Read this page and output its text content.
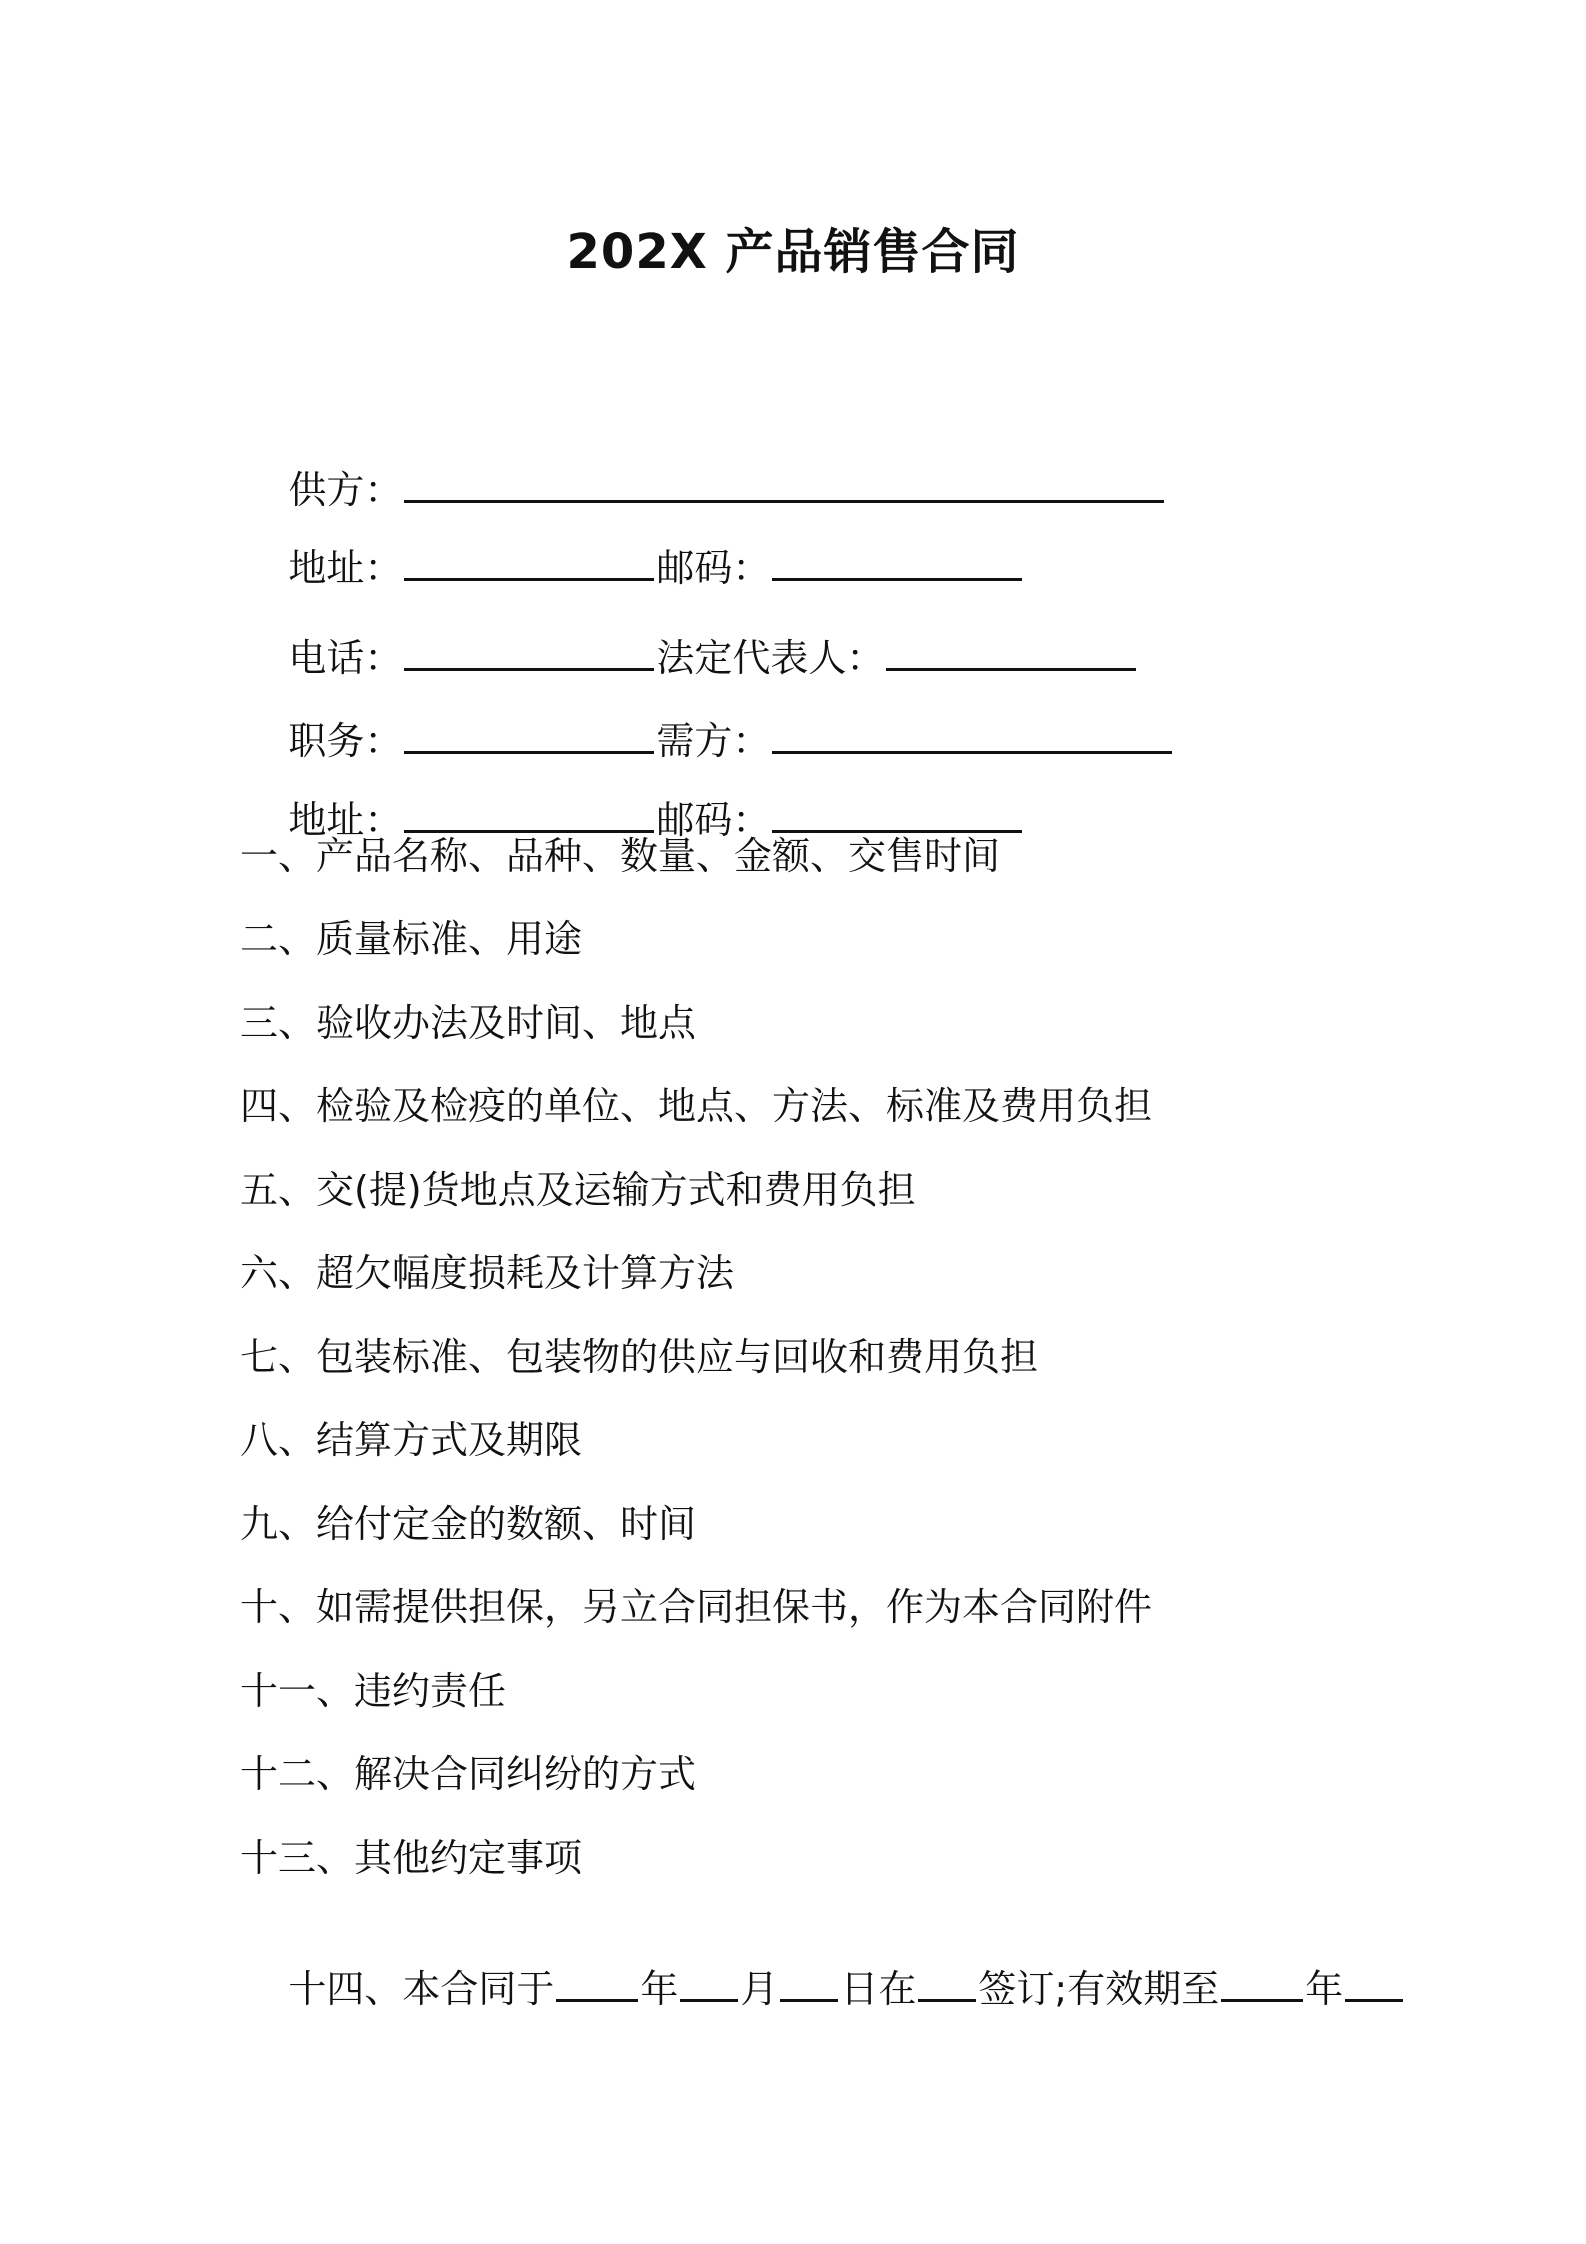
202X 产品销售合同

供方：

地址：	邮码：

电话：	法定代表人：

职务：	需方：

地址：	邮码：

一、产品名称、品种、数量、金额、交售时间
二、质量标准、用途
三、验收办法及时间、地点
四、检验及检疫的单位、地点、方法、标准及费用负担
五、交(提)货地点及运输方式和费用负担
六、超欠幅度损耗及计算方法
七、包装标准、包装物的供应与回收和费用负担
八、结算方式及期限
九、给付定金的数额、时间
十、如需提供担保，另立合同担保书，作为本合同附件
十一、违约责任
十二、解决合同纠纷的方式
十三、其他约定事项

十四、本合同于 年 月 日在 签订;有效期至 年
